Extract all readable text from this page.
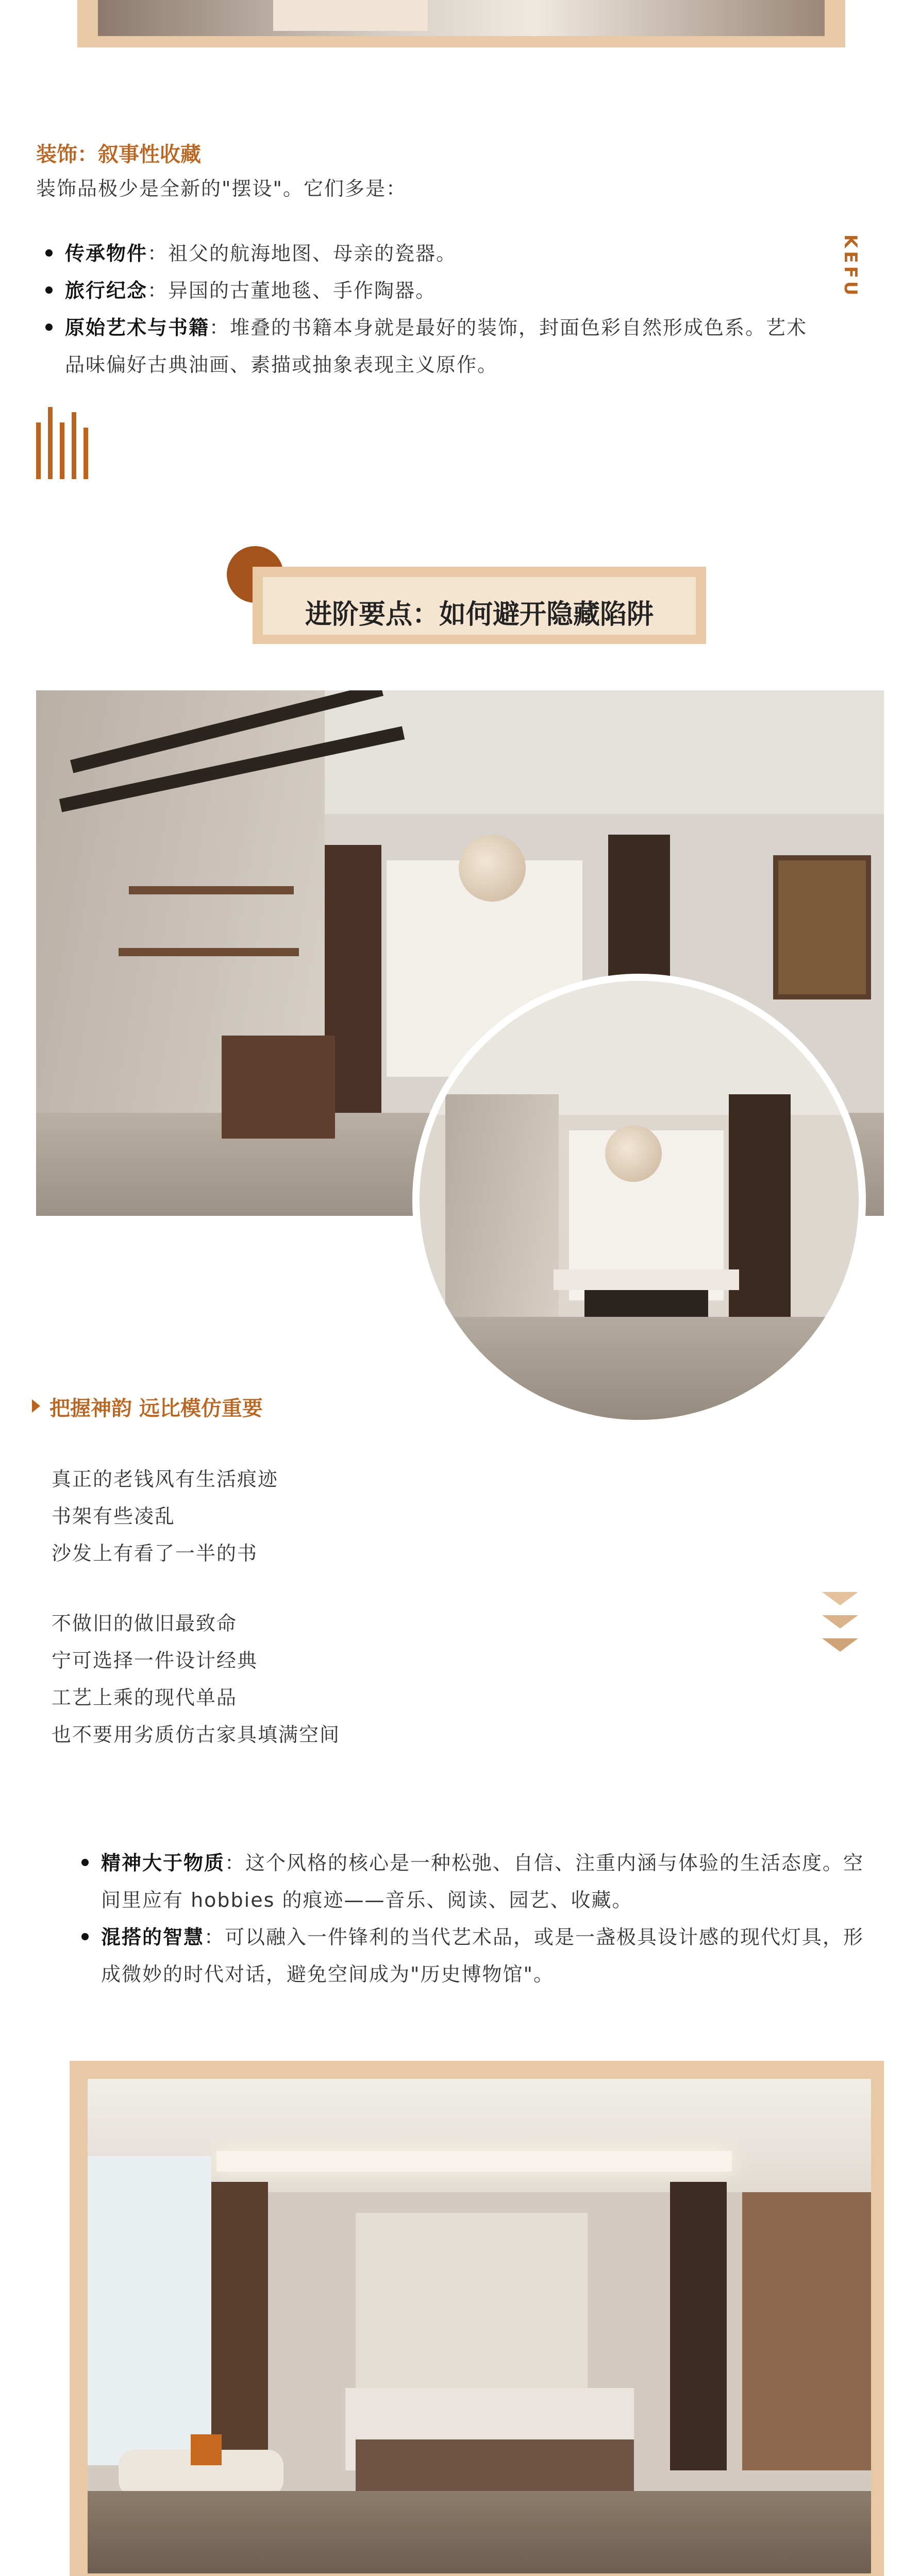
装饰：叙事性收藏
装饰品极少是全新的"摆设"。它们多是：
传承物件：祖父的航海地图、母亲的瓷器。
旅行纪念：异国的古董地毯、手作陶器。
原始艺术与书籍：堆叠的书籍本身就是最好的装饰，封面色彩自然形成色系。艺术品味偏好古典油画、素描或抽象表现主义原作。
KEFU
进阶要点：如何避开隐藏陷阱
把握神韵 远比模仿重要
真正的老钱风有生活痕迹
书架有些凌乱
沙发上有看了一半的书
不做旧的做旧最致命
宁可选择一件设计经典
工艺上乘的现代单品
也不要用劣质仿古家具填满空间
精神大于物质：这个风格的核心是一种松弛、自信、注重内涵与体验的生活态度。空间里应有 hobbies 的痕迹——音乐、阅读、园艺、收藏。
混搭的智慧：可以融入一件锋利的当代艺术品，或是一盏极具设计感的现代灯具，形成微妙的时代对话，避免空间成为"历史博物馆"。
